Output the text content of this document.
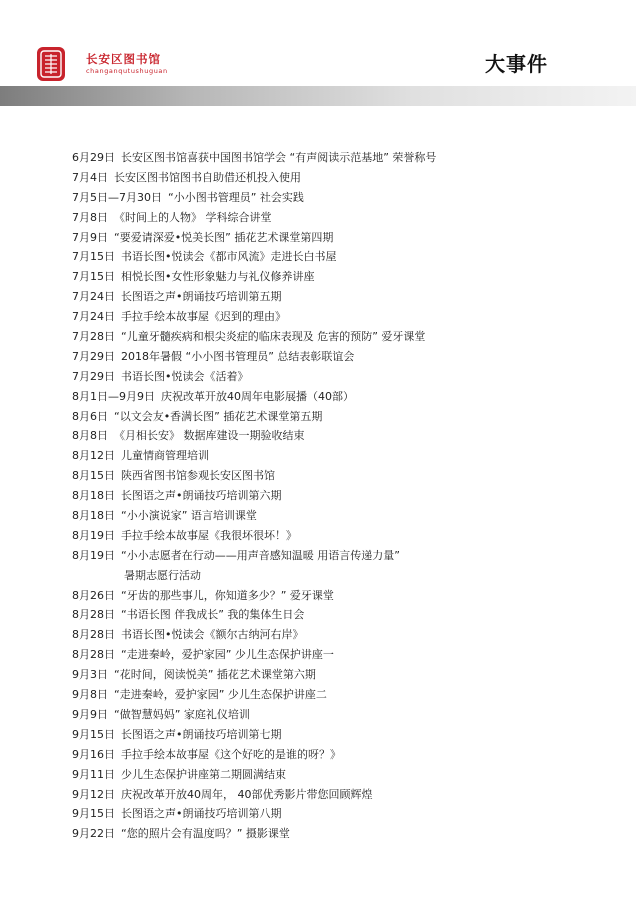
长安区图书馆
changanqutushuguan	大事件
6月29日 长安区图书馆喜获中国图书馆学会 “有声阅读示范基地” 荣誉称号
7月4日 长安区图书馆图书自助借还机投入使用
7月5日—7月30日 “小小图书管理员” 社会实践
7月8日 《时间上的人物》 学科综合讲堂
7月9日 “要爱请深爱•悦美长图” 插花艺术课堂第四期
7月15日 书语长图•悦读会《都市风流》走进长白书屋
7月15日 相悦长图•女性形象魅力与礼仪修养讲座
7月24日 长图语之声•朗诵技巧培训第五期
7月24日 手拉手绘本故事屋《迟到的理由》
7月28日 “儿童牙髓疾病和根尖炎症的临床表现及 危害的预防” 爱牙课堂
7月29日 2018年暑假 “小小图书管理员” 总结表彰联谊会
7月29日 书语长图•悦读会《活着》
8月1日—9月9日 庆祝改革开放40周年电影展播（40部）
8月6日 “以文会友•香满长图” 插花艺术课堂第五期
8月8日 《月相长安》 数据库建设一期验收结束
8月12日 儿童情商管理培训
8月15日 陕西省图书馆参观长安区图书馆
8月18日 长图语之声•朗诵技巧培训第六期
8月18日 “小小演说家” 语言培训课堂
8月19日 手拉手绘本故事屋《我很坏很坏！》
8月19日 “小小志愿者在行动——用声音感知温暖 用语言传递力量”
暑期志愿行活动
8月26日 “牙齿的那些事儿，你知道多少？” 爱牙课堂
8月28日 “书语长图 伴我成长” 我的集体生日会
8月28日 书语长图•悦读会《额尔古纳河右岸》
8月28日 “走进秦岭，爱护家园” 少儿生态保护讲座一
9月3日 “花时间，阅读悦美” 插花艺术课堂第六期
9月8日 “走进秦岭，爱护家园” 少儿生态保护讲座二
9月9日 “做智慧妈妈” 家庭礼仪培训
9月15日 长图语之声•朗诵技巧培训第七期
9月16日 手拉手绘本故事屋《这个好吃的是谁的呀？》
9月11日 少儿生态保护讲座第二期圆满结束
9月12日 庆祝改革开放40周年， 40部优秀影片带您回顾辉煌
9月15日 长图语之声•朗诵技巧培训第八期
9月22日 “您的照片会有温度吗？” 摄影课堂
